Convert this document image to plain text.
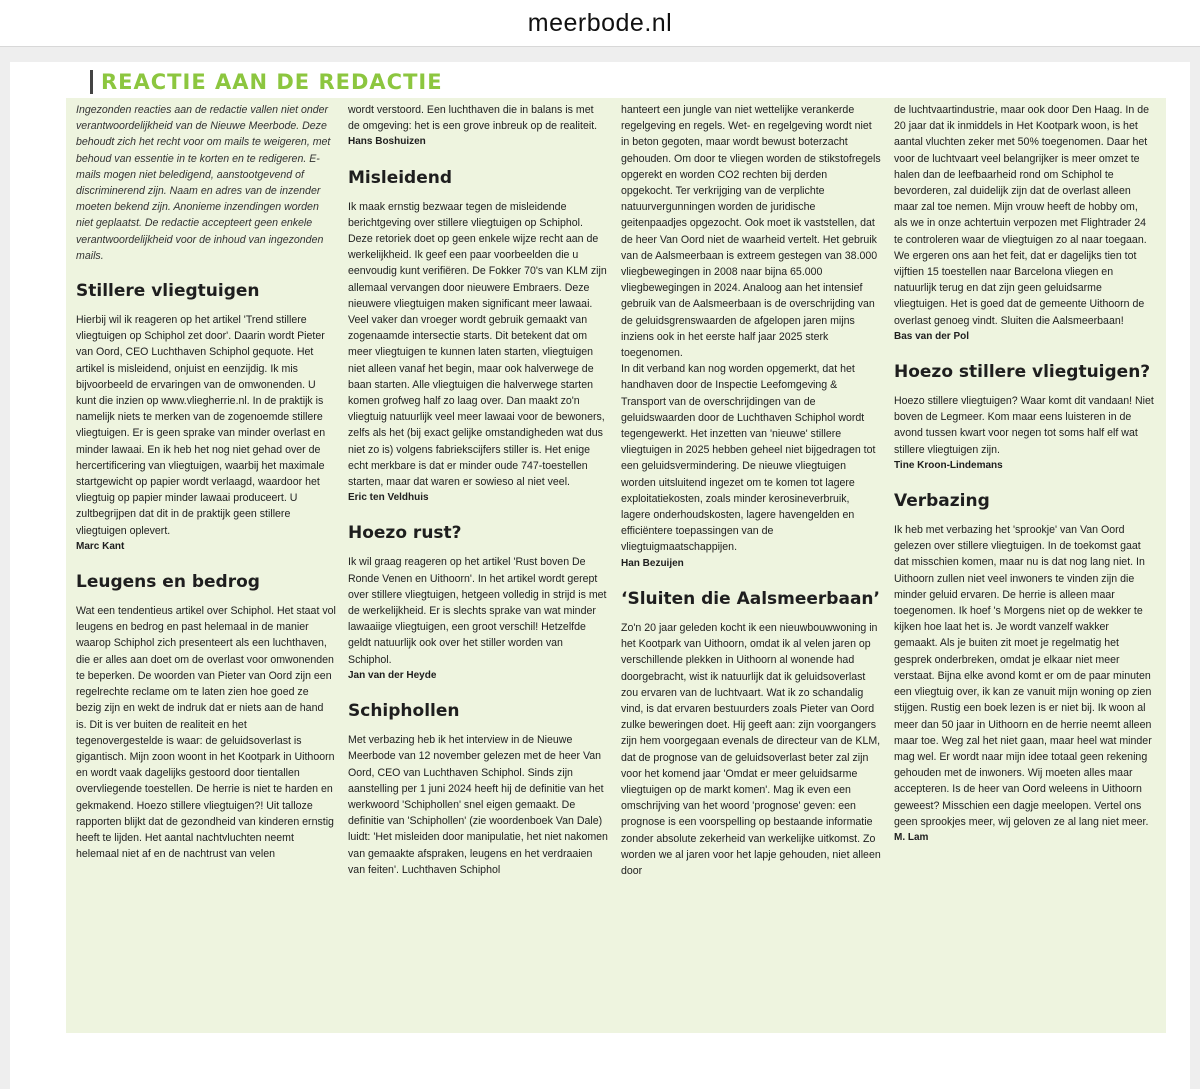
meerbode.nl
REACTIE AAN DE REDACTIE

Ingezonden reacties aan de redactie vallen niet onder verantwoordelijkheid van de Nieuwe Meerbode. Deze behoudt zich het recht voor om mails te weigeren, met behoud van essentie in te korten en te redigeren. E-mails mogen niet beledigend, aanstootgevend of discriminerend zijn. Naam en adres van de inzender moeten bekend zijn. Anonieme inzendingen worden niet geplaatst. De redactie accepteert geen enkele verantwoordelijkheid voor de inhoud van ingezonden mails.

Stillere vliegtuigen

Hierbij wil ik reageren op het artikel 'Trend stillere vliegtuigen op Schiphol zet door'. Daarin wordt Pieter van Oord, CEO Luchthaven Schiphol gequote. Het artikel is misleidend, onjuist en eenzijdig. Ik mis bijvoorbeeld de ervaringen van de omwonenden. U kunt die inzien op www.vliegherrie.nl. In de praktijk is namelijk niets te merken van de zogenoemde stillere vliegtuigen. Er is geen sprake van minder overlast en minder lawaai. En ik heb het nog niet gehad over de hercertificering van vliegtuigen, waarbij het maximale startgewicht op papier wordt verlaagd, waardoor het vliegtuig op papier minder lawaai produceert. U zultbegrijpen dat dit in de praktijk geen stillere vliegtuigen oplevert.

Marc Kant

Leugens en bedrog

Wat een tendentieus artikel over Schiphol. Het staat vol leugens en bedrog en past helemaal in de manier waarop Schiphol zich presenteert als een luchthaven, die er alles aan doet om de overlast voor omwonenden te beperken. De woorden van Pieter van Oord zijn een regelrechte reclame om te laten zien hoe goed ze bezig zijn en wekt de indruk dat er niets aan de hand is. Dit is ver buiten de realiteit en het tegenovergestelde is waar: de geluidsoverlast is gigantisch. Mijn zoon woont in het Kootpark in Uithoorn en wordt vaak dagelijks gestoord door tientallen overvliegende toestellen. De herrie is niet te harden en gekmakend. Hoezo stillere vliegtuigen?! Uit talloze rapporten blijkt dat de gezondheid van kinderen ernstig heeft te lijden. Het aantal nachtvluchten neemt helemaal niet af en de nachtrust van velen

wordt verstoord. Een luchthaven die in balans is met de omgeving: het is een grove inbreuk op de realiteit.

Hans Boshuizen

Misleidend

Ik maak ernstig bezwaar tegen de misleidende berichtgeving over stillere vliegtuigen op Schiphol. Deze retoriek doet op geen enkele wijze recht aan de werkelijkheid. Ik geef een paar voorbeelden die u eenvoudig kunt verifiëren. De Fokker 70's van KLM zijn allemaal vervangen door nieuwere Embraers. Deze nieuwere vliegtuigen maken significant meer lawaai. Veel vaker dan vroeger wordt gebruik gemaakt van zogenaamde intersectie starts. Dit betekent dat om meer vliegtuigen te kunnen laten starten, vliegtuigen niet alleen vanaf het begin, maar ook halverwege de baan starten. Alle vliegtuigen die halverwege starten komen grofweg half zo laag over. Dan maakt zo'n vliegtuig natuurlijk veel meer lawaai voor de bewoners, zelfs als het (bij exact gelijke omstandigheden wat dus niet zo is) volgens fabriekscijfers stiller is. Het enige echt merkbare is dat er minder oude 747-toestellen starten, maar dat waren er sowieso al niet veel.

Eric ten Veldhuis

Hoezo rust?

Ik wil graag reageren op het artikel 'Rust boven De Ronde Venen en Uithoorn'. In het artikel wordt gerept over stillere vliegtuigen, hetgeen volledig in strijd is met de werkelijkheid. Er is slechts sprake van wat minder lawaaiige vliegtuigen, een groot verschil! Hetzelfde geldt natuurlijk ook over het stiller worden van Schiphol.

Jan van der Heyde

Schiphollen

Met verbazing heb ik het interview in de Nieuwe Meerbode van 12 november gelezen met de heer Van Oord, CEO van Luchthaven Schiphol. Sinds zijn aanstelling per 1 juni 2024 heeft hij de definitie van het werkwoord 'Schiphollen' snel eigen gemaakt. De definitie van 'Schiphollen' (zie woordenboek Van Dale) luidt: 'Het misleiden door manipulatie, het niet nakomen van gemaakte afspraken, leugens en het verdraaien van feiten'. Luchthaven Schiphol

hanteert een jungle van niet wettelijke verankerde regelgeving en regels. Wet- en regelgeving wordt niet in beton gegoten, maar wordt bewust boterzacht gehouden. Om door te vliegen worden de stikstofregels opgerekt en worden CO2 rechten bij derden opgekocht. Ter verkrijging van de verplichte natuurvergunningen worden de juridische geitenpaadjes opgezocht. Ook moet ik vaststellen, dat de heer Van Oord niet de waarheid vertelt. Het gebruik van de Aalsmeerbaan is extreem gestegen van 38.000 vliegbewegingen in 2008 naar bijna 65.000 vliegbewegingen in 2024. Analoog aan het intensief gebruik van de Aalsmeerbaan is de overschrijding van de geluidsgrenswaarden de afgelopen jaren mijns inziens ook in het eerste half jaar 2025 sterk toegenomen.

In dit verband kan nog worden opgemerkt, dat het handhaven door de Inspectie Leefomgeving & Transport van de overschrijdingen van de geluidswaarden door de Luchthaven Schiphol wordt tegengewerkt. Het inzetten van 'nieuwe' stillere vliegtuigen in 2025 hebben geheel niet bijgedragen tot een geluidsvermindering. De nieuwe vliegtuigen worden uitsluitend ingezet om te komen tot lagere exploitatiekosten, zoals minder kerosineverbruik, lagere onderhoudskosten, lagere havengelden en efficiëntere toepassingen van de vliegtuigmaatschappijen.

Han Bezuijen

‘Sluiten die Aalsmeerbaan’

Zo'n 20 jaar geleden kocht ik een nieuwbouwwoning in het Kootpark van Uithoorn, omdat ik al velen jaren op verschillende plekken in Uithoorn al wonende had doorgebracht, wist ik natuurlijk dat ik geluidsoverlast zou ervaren van de luchtvaart. Wat ik zo schandalig vind, is dat ervaren bestuurders zoals Pieter van Oord zulke beweringen doet. Hij geeft aan: zijn voorgangers zijn hem voorgegaan evenals de directeur van de KLM, dat de prognose van de geluidsoverlast beter zal zijn voor het komend jaar 'Omdat er meer geluidsarme vliegtuigen op de markt komen'. Mag ik even een omschrijving van het woord 'prognose' geven: een prognose is een voorspelling op bestaande informatie zonder absolute zekerheid van werkelijke uitkomst. Zo worden we al jaren voor het lapje gehouden, niet alleen door

de luchtvaartindustrie, maar ook door Den Haag. In de 20 jaar dat ik inmiddels in Het Kootpark woon, is het aantal vluchten zeker met 50% toegenomen. Daar het voor de luchtvaart veel belangrijker is meer omzet te halen dan de leefbaarheid rond om Schiphol te bevorderen, zal duidelijk zijn dat de overlast alleen maar zal toe nemen. Mijn vrouw heeft de hobby om, als we in onze achtertuin verpozen met Flightrader 24 te controleren waar de vliegtuigen zo al naar toegaan. We ergeren ons aan het feit, dat er dagelijks tien tot vijftien 15 toestellen naar Barcelona vliegen en natuurlijk terug en dat zijn geen geluidsarme vliegtuigen. Het is goed dat de gemeente Uithoorn de overlast genoeg vindt. Sluiten die Aalsmeerbaan!

Bas van der Pol

Hoezo stillere vliegtuigen?

Hoezo stillere vliegtuigen? Waar komt dit vandaan! Niet boven de Legmeer. Kom maar eens luisteren in de avond tussen kwart voor negen tot soms half elf wat stillere vliegtuigen zijn.

Tine Kroon-Lindemans

Verbazing

Ik heb met verbazing het 'sprookje' van Van Oord gelezen over stillere vliegtuigen. In de toekomst gaat dat misschien komen, maar nu is dat nog lang niet. In Uithoorn zullen niet veel inwoners te vinden zijn die minder geluid ervaren. De herrie is alleen maar toegenomen. Ik hoef 's Morgens niet op de wekker te kijken hoe laat het is. Je wordt vanzelf wakker gemaakt. Als je buiten zit moet je regelmatig het gesprek onderbreken, omdat je elkaar niet meer verstaat. Bijna elke avond komt er om de paar minuten een vliegtuig over, ik kan ze vanuit mijn woning op zien stijgen. Rustig een boek lezen is er niet bij. Ik woon al meer dan 50 jaar in Uithoorn en de herrie neemt alleen maar toe. Weg zal het niet gaan, maar heel wat minder mag wel. Er wordt naar mijn idee totaal geen rekening gehouden met de inwoners. Wij moeten alles maar accepteren. Is de heer van Oord weleens in Uithoorn geweest? Misschien een dagje meelopen. Vertel ons geen sprookjes meer, wij geloven ze al lang niet meer.

M. Lam
